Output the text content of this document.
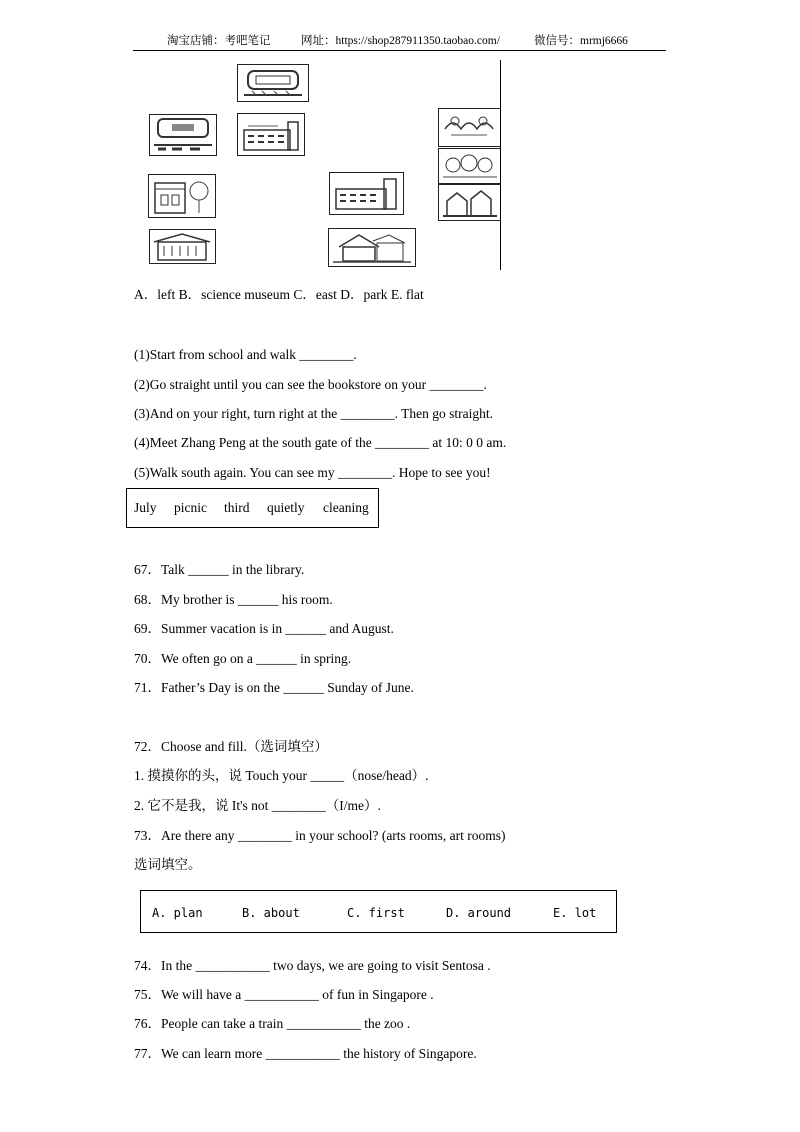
淘宝店铺：考吧笔记	网址：https://shop287911350.taobao.com/	微信号：mrmj6666
A．left B．science museum C．east D．park E. flat
(1)Start from school and walk ________.
(2)Go straight until you can see the bookstore on your ________.
(3)And on your right, turn right at the ________. Then go straight.
(4)Meet Zhang Peng at the south gate of the ________ at 10: 0 0 am.
(5)Walk south again. You can see my ________. Hope to see you!
July picnic third quietly cleaning
67．Talk ______ in the library.
68．My brother is ______ his room.
69．Summer vacation is in ______ and August.
70．We often go on a ______ in spring.
71．Father’s Day is on the ______ Sunday of June.
72．Choose and fill.（选词填空）
1. 摸摸你的头，说 Touch your _____（nose/head）.
2. 它不是我，说 It's not ________（I/me）.
73．Are there any ________ in your school? (arts rooms, art rooms)
选词填空。
A. plan	B. about	C. first	D. around	E. lot
74．In the ___________ two days, we are going to visit Sentosa .
75．We will have a ___________ of fun in Singapore .
76．People can take a train ___________ the zoo .
77．We can learn more ___________ the history of Singapore.
